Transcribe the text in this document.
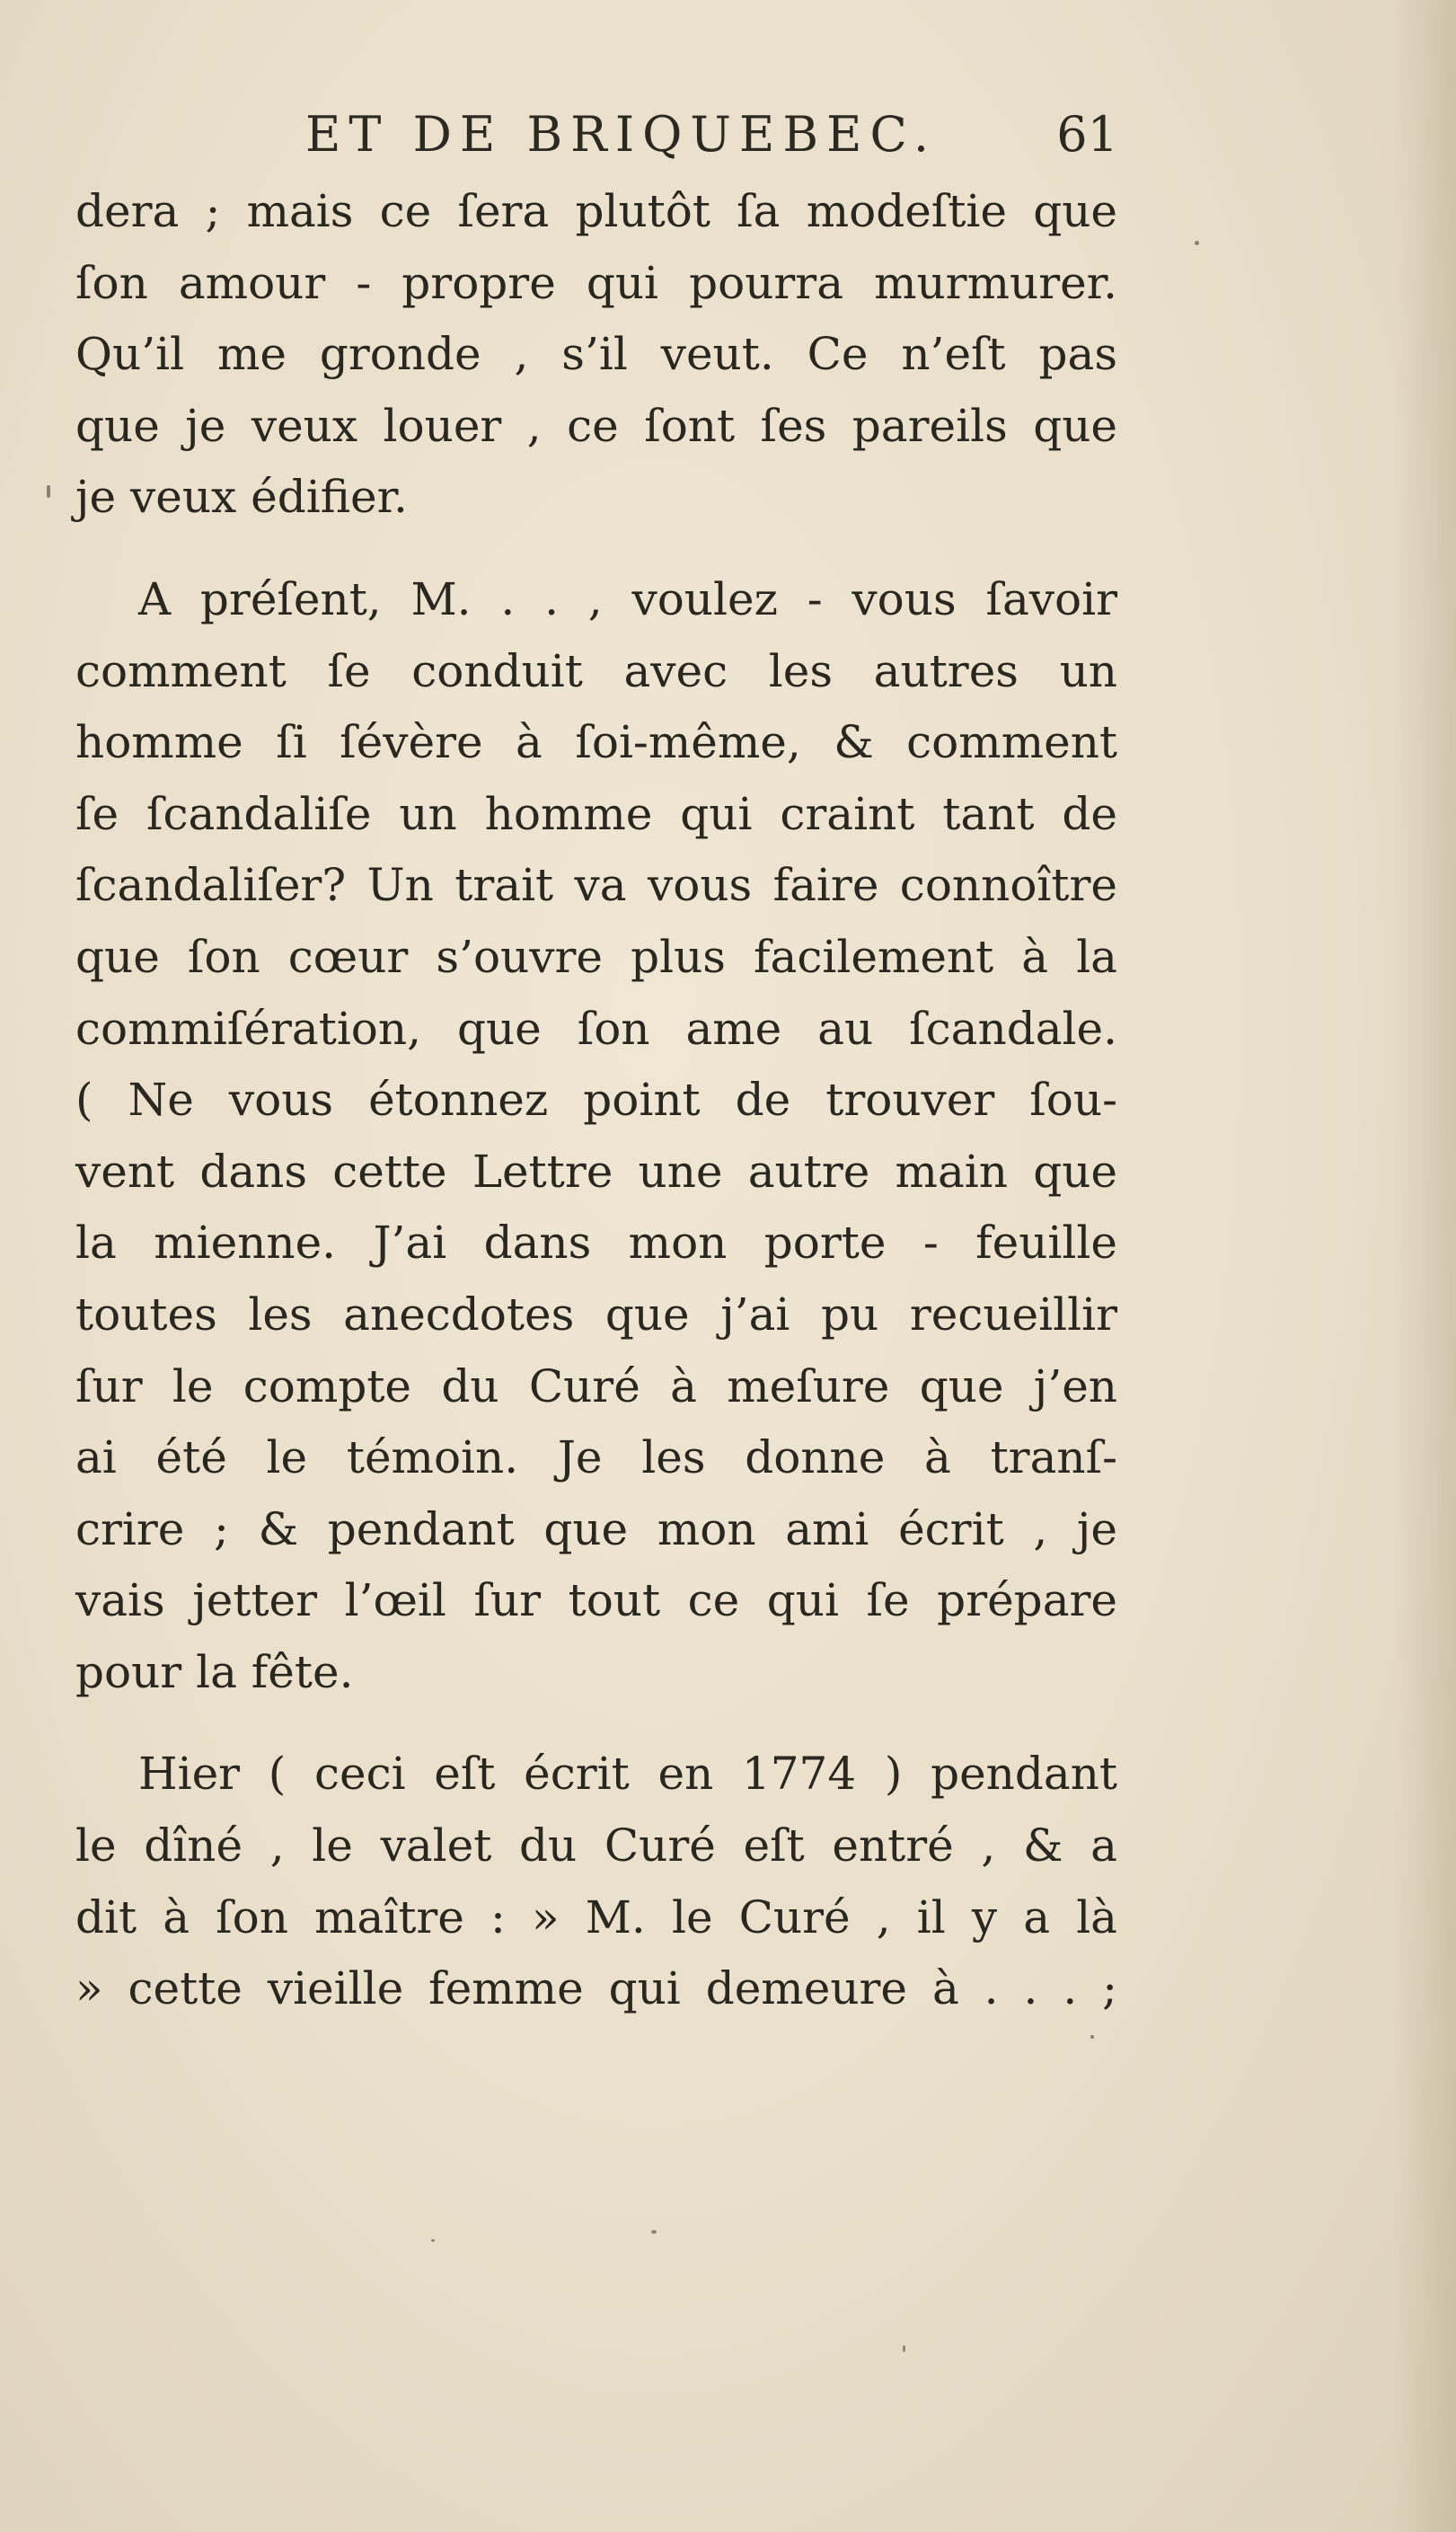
ET DE BRIQUEBEC. 61
dera ; mais ce ſera plutôt ſa modeſtie que
ſon amour - propre qui pourra murmurer.
Qu’il me gronde , s’il veut. Ce n’eſt pas
que je veux louer , ce ſont ſes pareils que
je veux édifier.
A préſent, M. . . , voulez - vous ſavoir
comment ſe conduit avec les autres un
homme ſi ſévère à ſoi-même, & comment
ſe ſcandaliſe un homme qui craint tant de
ſcandaliſer? Un trait va vous faire connoître
que ſon cœur s’ouvre plus facilement à la
commiſération, que ſon ame au ſcandale.
( Ne vous étonnez point de trouver ſou-
vent dans cette Lettre une autre main que
la mienne. J’ai dans mon porte - feuille
toutes les anecdotes que j’ai pu recueillir
ſur le compte du Curé à meſure que j’en
ai été le témoin. Je les donne à tranſ-
crire ; & pendant que mon ami écrit , je
vais jetter l’œil ſur tout ce qui ſe prépare
pour la fête.
Hier ( ceci eſt écrit en 1774 ) pendant
le dîné , le valet du Curé eſt entré , & a
dit à ſon maître : » M. le Curé , il y a là
» cette vieille femme qui demeure à . . . ;
